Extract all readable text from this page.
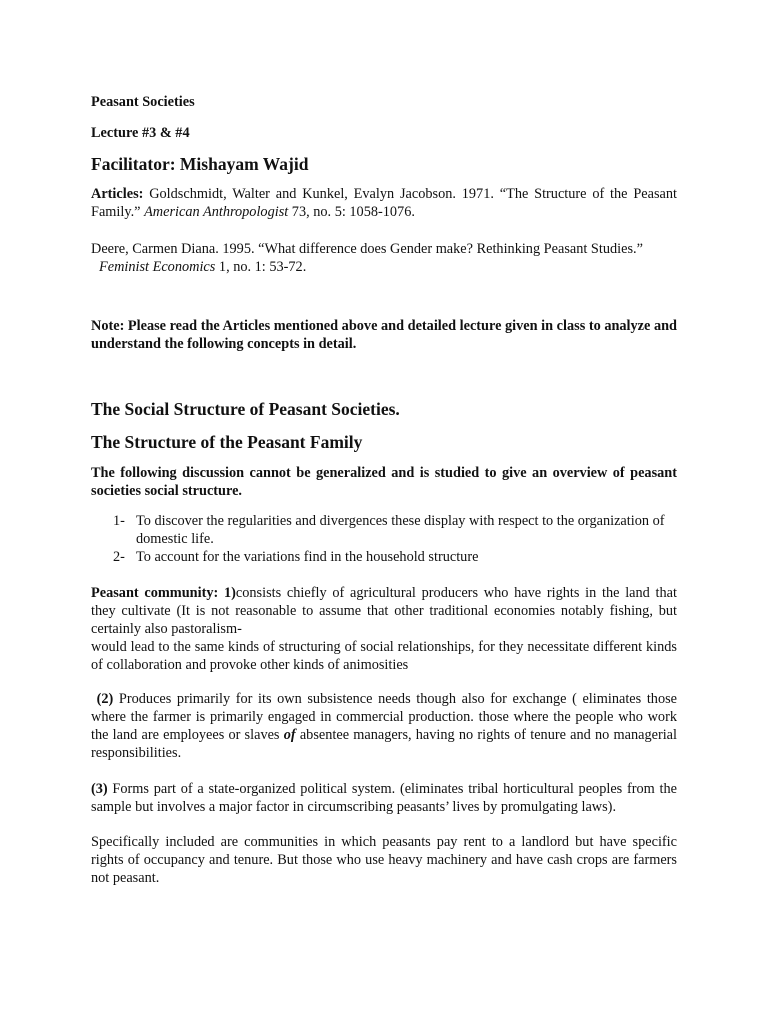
Peasant Societies

Lecture #3 & #4

Facilitator: Mishayam Wajid

Articles: Goldschmidt, Walter and Kunkel, Evalyn Jacobson. 1971. “The Structure of the Peasant Family.” American Anthropologist 73, no. 5: 1058-1076.

Deere, Carmen Diana. 1995. “What difference does Gender make? Rethinking Peasant Studies.”
Feminist Economics 1, no. 1: 53-72.

Note: Please read the Articles mentioned above and detailed lecture given in class to analyze and understand the following concepts in detail.

The Social Structure of Peasant Societies.

The Structure of the Peasant Family

The following discussion cannot be generalized and is studied to give an overview of peasant societies social structure.

1- To discover the regularities and divergences these display with respect to the organization of domestic life.
2- To account for the variations find in the household structure

Peasant community: 1)consists chiefly of agricultural producers who have rights in the land that they cultivate (It is not reasonable to assume that other traditional economies notably fishing, but certainly also pastoralism-
would lead to the same kinds of structuring of social relationships, for they necessitate different kinds of collaboration and provoke other kinds of animosities

(2) Produces primarily for its own subsistence needs though also for exchange ( eliminates those where the farmer is primarily engaged in commercial production. those where the people who work the land are employees or slaves of absentee managers, having no rights of tenure and no managerial responsibilities.

(3) Forms part of a state-organized political system. (eliminates tribal horticultural peoples from the sample but involves a major factor in circumscribing peasants’ lives by promulgating laws).

Specifically included are communities in which peasants pay rent to a landlord but have specific rights of occupancy and tenure. But those who use heavy machinery and have cash crops are farmers not peasant.
